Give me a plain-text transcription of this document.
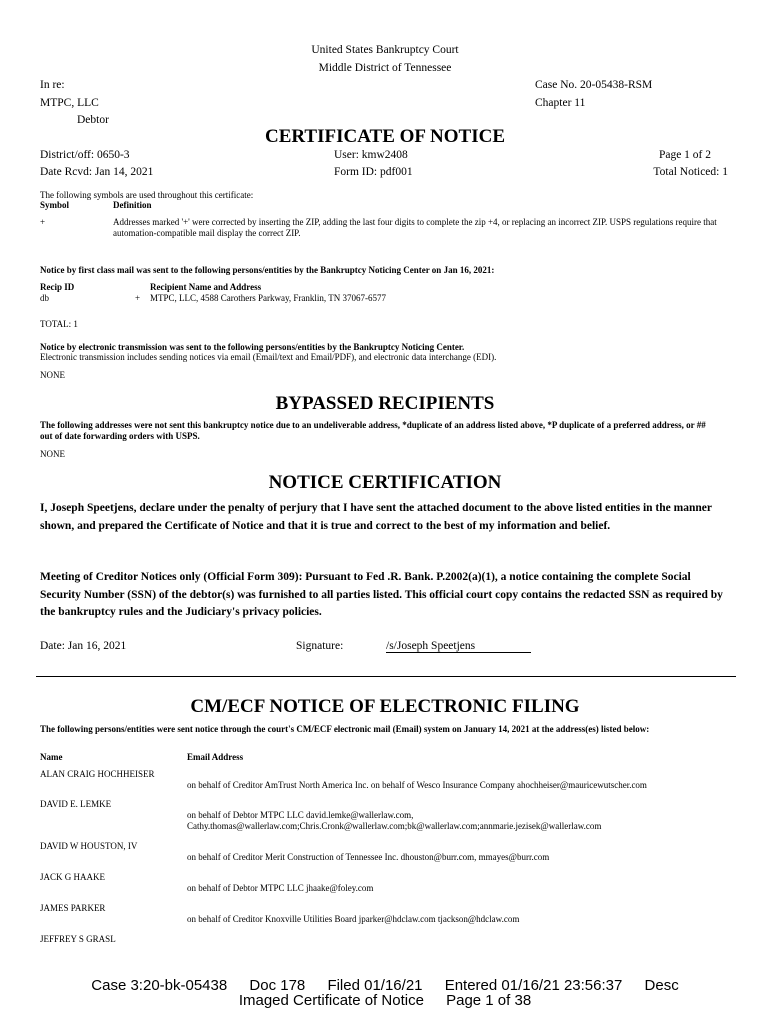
United States Bankruptcy Court
Middle District of Tennessee
In re:
MTPC, LLC
Debtor
Case No. 20-05438-RSM
Chapter 11
CERTIFICATE OF NOTICE
District/off: 0650-3
Date Rcvd: Jan 14, 2021
User: kmw2408
Form ID: pdf001
Page 1 of 2
Total Noticed: 1
The following symbols are used throughout this certificate:
Symbol	Definition
+	Addresses marked '+' were corrected by inserting the ZIP, adding the last four digits to complete the zip +4, or replacing an incorrect ZIP. USPS regulations require that automation-compatible mail display the correct ZIP.
Notice by first class mail was sent to the following persons/entities by the Bankruptcy Noticing Center on Jan 16, 2021:
Recip ID	Recipient Name and Address
db	+ MTPC, LLC, 4588 Carothers Parkway, Franklin, TN 37067-6577
TOTAL: 1
Notice by electronic transmission was sent to the following persons/entities by the Bankruptcy Noticing Center.
Electronic transmission includes sending notices via email (Email/text and Email/PDF), and electronic data interchange (EDI).
NONE
BYPASSED RECIPIENTS
The following addresses were not sent this bankruptcy notice due to an undeliverable address, *duplicate of an address listed above, *P duplicate of a preferred address, or ## out of date forwarding orders with USPS.
NONE
NOTICE CERTIFICATION
I, Joseph Speetjens, declare under the penalty of perjury that I have sent the attached document to the above listed entities in the manner shown, and prepared the Certificate of Notice and that it is true and correct to the best of my information and belief.
Meeting of Creditor Notices only (Official Form 309): Pursuant to Fed .R. Bank. P.2002(a)(1), a notice containing the complete Social Security Number (SSN) of the debtor(s) was furnished to all parties listed. This official court copy contains the redacted SSN as required by the bankruptcy rules and the Judiciary's privacy policies.
Date: Jan 16, 2021	Signature:	/s/Joseph Speetjens
CM/ECF NOTICE OF ELECTRONIC FILING
The following persons/entities were sent notice through the court's CM/ECF electronic mail (Email) system on January 14, 2021 at the address(es) listed below:
Name	Email Address
ALAN CRAIG HOCHHEISER
on behalf of Creditor AmTrust North America Inc. on behalf of Wesco Insurance Company ahochheiser@mauricewutscher.com
DAVID E. LEMKE
on behalf of Debtor MTPC LLC david.lemke@wallerlaw.com,
Cathy.thomas@wallerlaw.com;Chris.Cronk@wallerlaw.com;bk@wallerlaw.com;annmarie.jezisek@wallerlaw.com
DAVID W HOUSTON, IV
on behalf of Creditor Merit Construction of Tennessee Inc. dhouston@burr.com, mmayes@burr.com
JACK G HAAKE
on behalf of Debtor MTPC LLC jhaake@foley.com
JAMES PARKER
on behalf of Creditor Knoxville Utilities Board jparker@hdclaw.com tjackson@hdclaw.com
JEFFREY S GRASL
Case 3:20-bk-05438 Doc 178 Filed 01/16/21 Entered 01/16/21 23:56:37 Desc
Imaged Certificate of Notice Page 1 of 38
